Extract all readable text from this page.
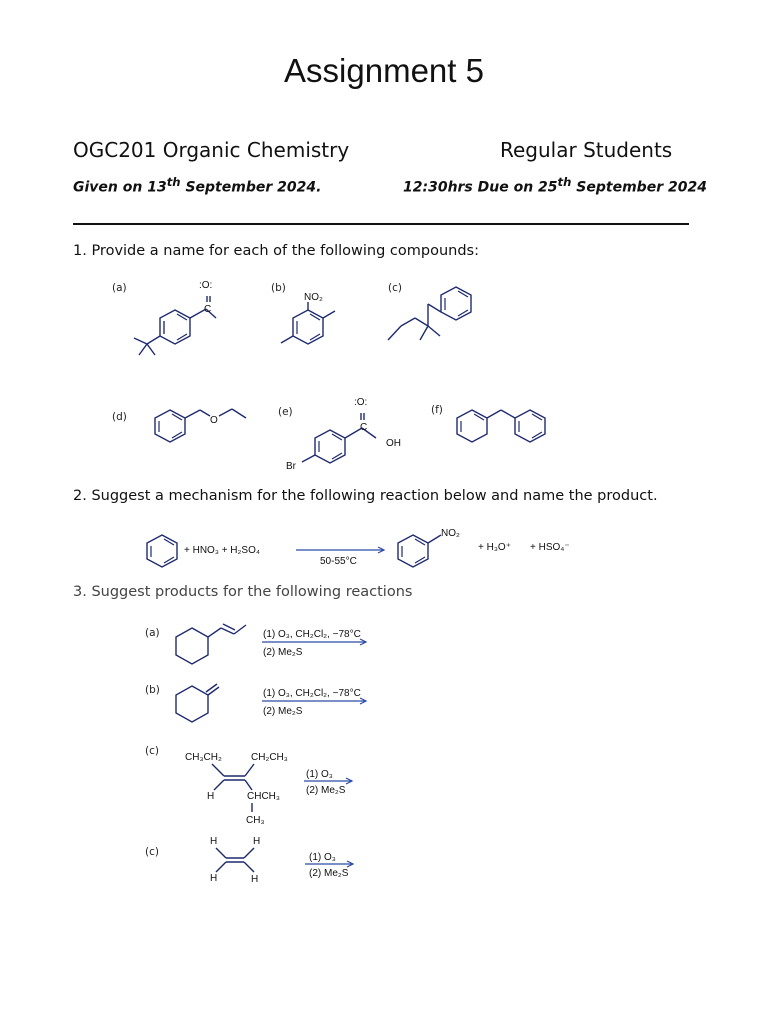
Assignment 5
OGC201 Organic Chemistry	Regular Students
Given on 13th September 2024.	12:30hrs Due on 25th September 2024
1. Provide a name for each of the following compounds:
2. Suggest a mechanism for the following reaction below and name the product.
3. Suggest products for the following reactions
(a)	(b)	(c)
(d)	(e)	(f)
(a)
(b)
(c)
(c)
:O:
C
NO₂
O
:O:
C
OH
Br
+ HNO₃ + H₂SO₄
50-55°C
NO₂
+ H₃O⁺ + HSO₄⁻
(1) O₃, CH₂Cl₂, −78°C
(2) Me₂S
(1) O₃, CH₂Cl₂, −78°C
(2) Me₂S
CH₃CH₂	CH₂CH₃
H	CHCH₃
CH₃
(1) O₃
(2) Me₂S
H	H
H	H
(1) O₃
(2) Me₂S
